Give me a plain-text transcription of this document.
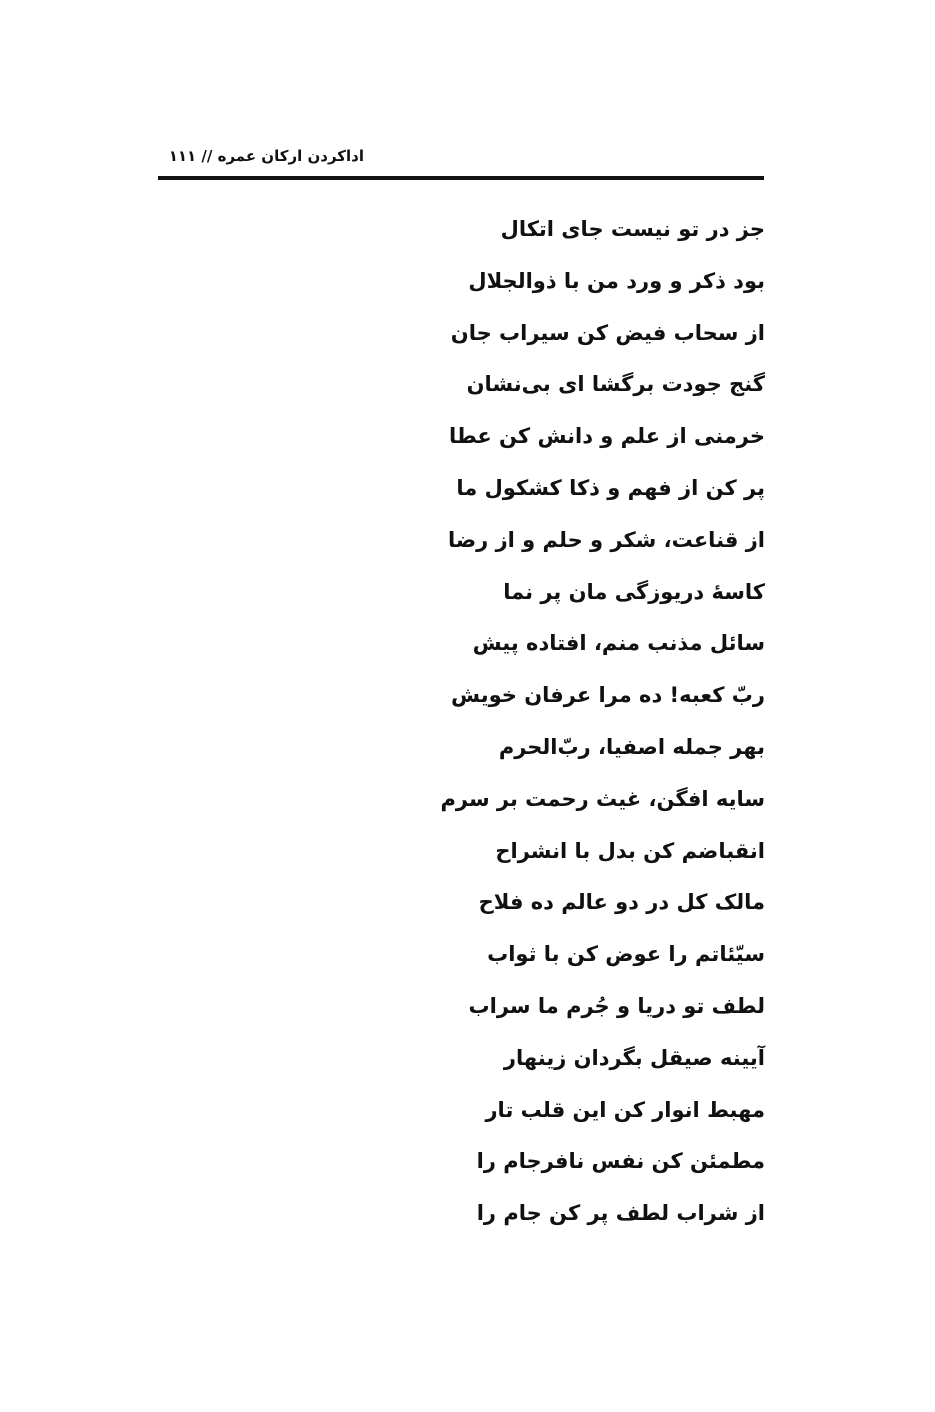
اداکردن ارکان عمره // ۱۱۱
جز در تو نیست جای اتکال
بود ذکر و ورد من با ذوالجلال
از سحاب فیض کن سیراب جان
گنج جودت برگشا ای بی‌نشان
خرمنی از علم و دانش کن عطا
پر کن از فهم و ذکا کشکول ما
از قناعت، شکر و حلم و از رضا
کاسۀ دریوزگی مان پر نما
سائل مذنب منم، افتاده پیش
ربّ کعبه! ده مرا عرفان خویش
بهر جمله اصفیا، ربّ‌الحرم
سایه افگن، غیث رحمت بر سرم
انقباضم کن بدل با انشراح
مالک کل در دو عالم ده فلاح
سیّئاتم را عوض کن با ثواب
لطف تو دریا و جُرم ما سراب
آیینه صیقل بگردان زینهار
مهبط انوار کن این قلب تار
مطمئن کن نفس نافرجام را
از شراب لطف پر کن جام را
